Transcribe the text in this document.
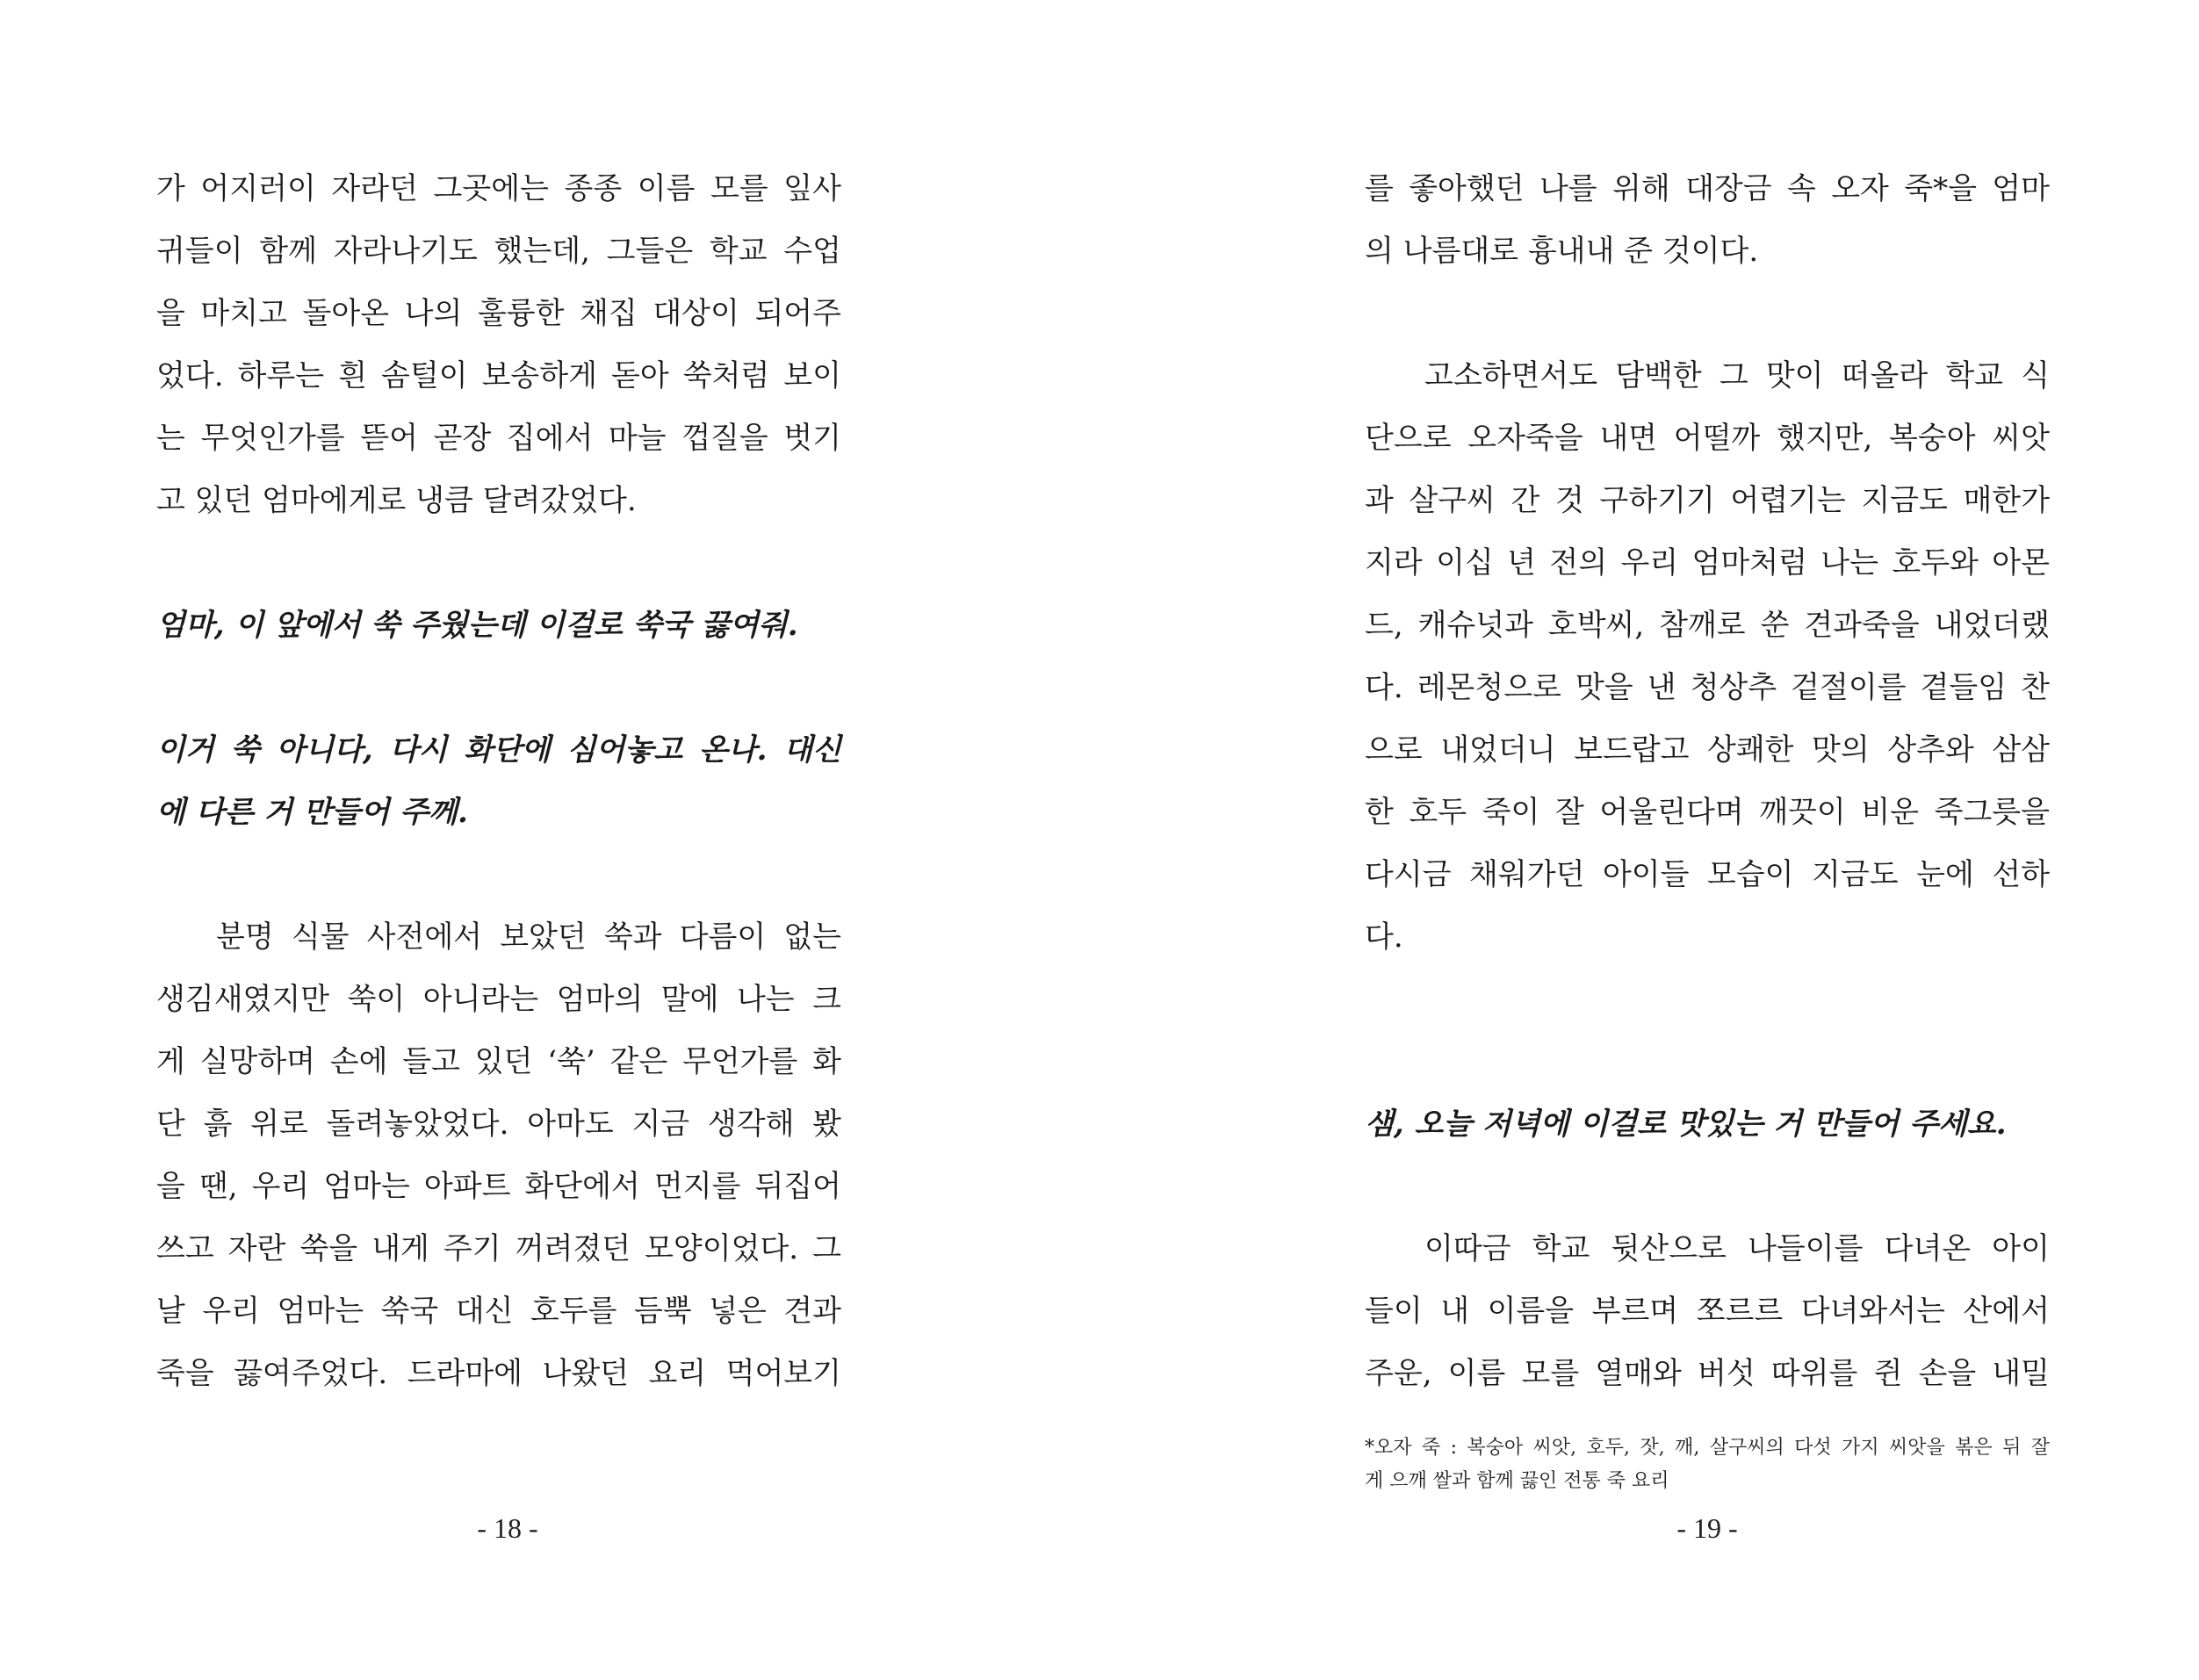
가 어지러이 자라던 그곳에는 종종 이름 모를 잎사
귀들이 함께 자라나기도 했는데, 그들은 학교 수업
을 마치고 돌아온 나의 훌륭한 채집 대상이 되어주
었다. 하루는 흰 솜털이 보송하게 돋아 쑥처럼 보이
는 무엇인가를 뜯어 곧장 집에서 마늘 껍질을 벗기
고 있던 엄마에게로 냉큼 달려갔었다.
엄마, 이 앞에서 쑥 주웠는데 이걸로 쑥국 끓여줘.
이거 쑥 아니다, 다시 화단에 심어놓고 온나. 대신
에 다른 거 만들어 주께.
분명 식물 사전에서 보았던 쑥과 다름이 없는
생김새였지만 쑥이 아니라는 엄마의 말에 나는 크
게 실망하며 손에 들고 있던 ‘쑥’ 같은 무언가를 화
단 흙 위로 돌려놓았었다. 아마도 지금 생각해 봤
을 땐, 우리 엄마는 아파트 화단에서 먼지를 뒤집어
쓰고 자란 쑥을 내게 주기 꺼려졌던 모양이었다. 그
날 우리 엄마는 쑥국 대신 호두를 듬뿍 넣은 견과
죽을 끓여주었다. 드라마에 나왔던 요리 먹어보기
- 18 -
를 좋아했던 나를 위해 대장금 속 오자 죽*을 엄마
의 나름대로 흉내내 준 것이다.
고소하면서도 담백한 그 맛이 떠올라 학교 식
단으로 오자죽을 내면 어떨까 했지만, 복숭아 씨앗
과 살구씨 간 것 구하기기 어렵기는 지금도 매한가
지라 이십 년 전의 우리 엄마처럼 나는 호두와 아몬
드, 캐슈넛과 호박씨, 참깨로 쑨 견과죽을 내었더랬
다. 레몬청으로 맛을 낸 청상추 겉절이를 곁들임 찬
으로 내었더니 보드랍고 상쾌한 맛의 상추와 삼삼
한 호두 죽이 잘 어울린다며 깨끗이 비운 죽그릇을
다시금 채워가던 아이들 모습이 지금도 눈에 선하
다.
샘, 오늘 저녁에 이걸로 맛있는 거 만들어 주세요.
이따금 학교 뒷산으로 나들이를 다녀온 아이
들이 내 이름을 부르며 쪼르르 다녀와서는 산에서
주운, 이름 모를 열매와 버섯 따위를 쥔 손을 내밀
*오자 죽 : 복숭아 씨앗, 호두, 잣, 깨, 살구씨의 다섯 가지 씨앗을 볶은 뒤 잘
게 으깨 쌀과 함께 끓인 전통 죽 요리
- 19 -
